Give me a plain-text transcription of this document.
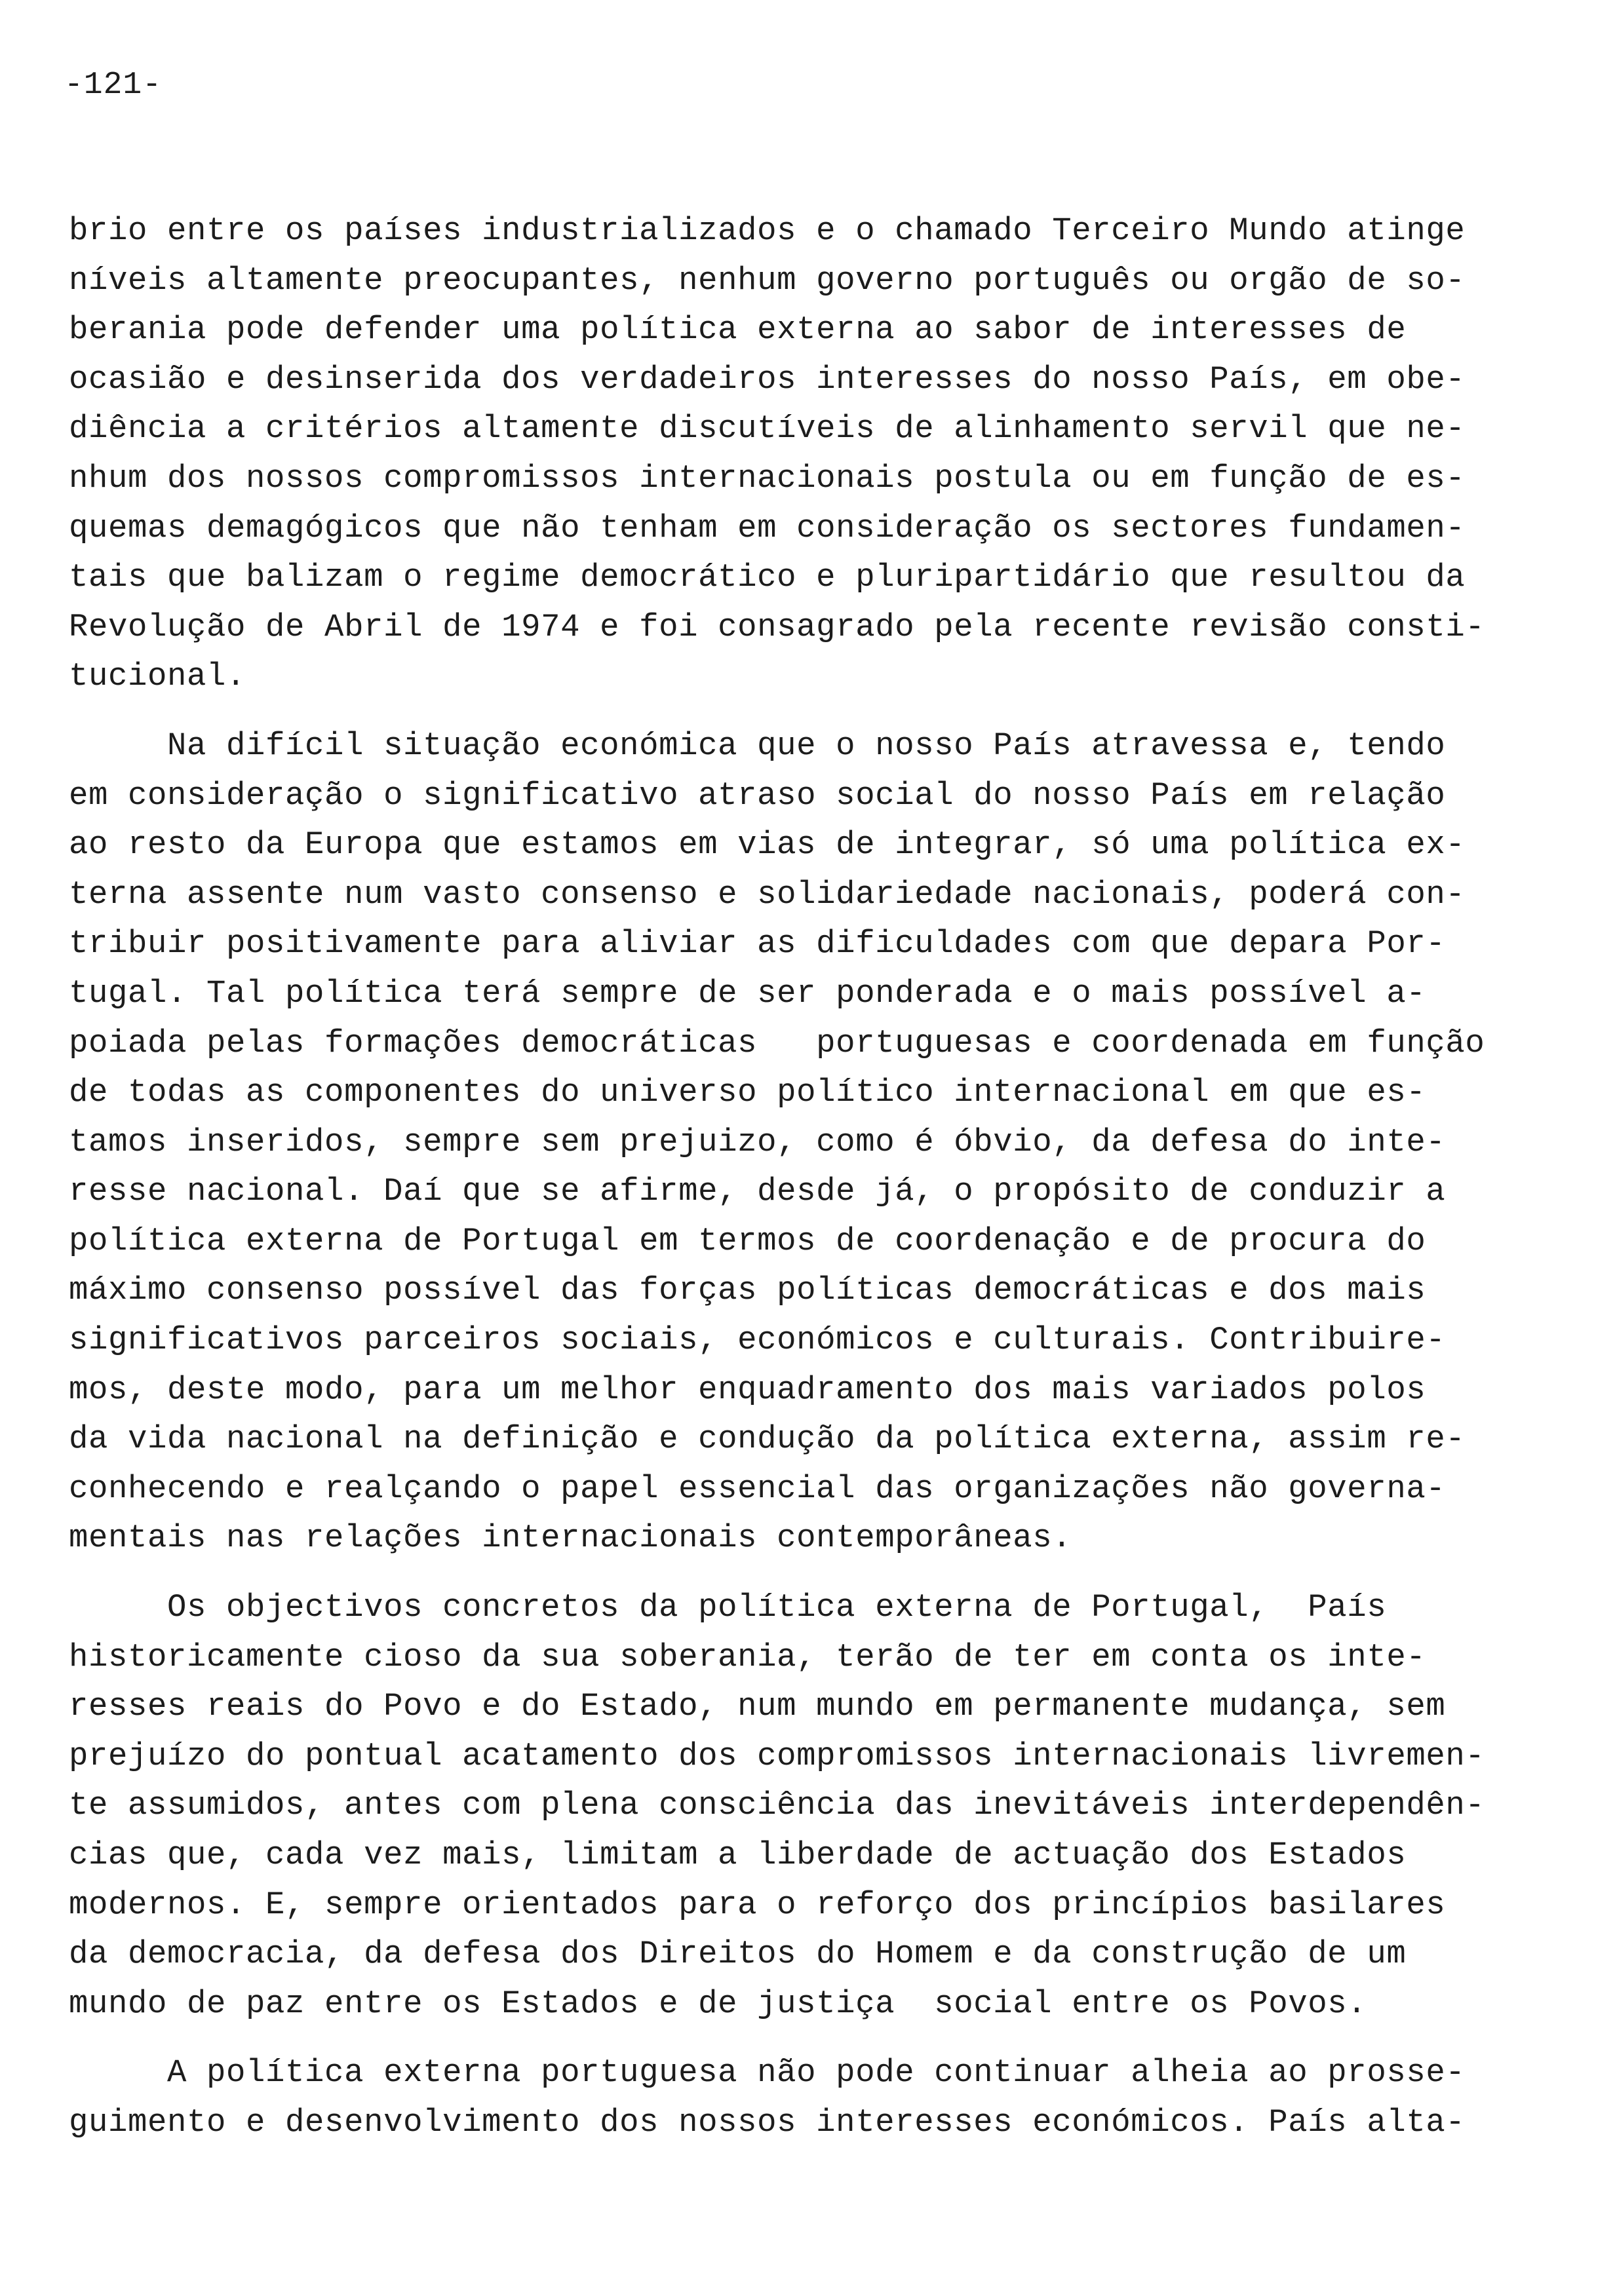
-121-
brio entre os países industrializados e o chamado Terceiro Mundo atinge
níveis altamente preocupantes, nenhum governo português ou orgão de so-
berania pode defender uma política externa ao sabor de interesses de
ocasião e desinserida dos verdadeiros interesses do nosso País, em obe-
diência a critérios altamente discutíveis de alinhamento servil que ne-
nhum dos nossos compromissos internacionais postula ou em função de es-
quemas demagógicos que não tenham em consideração os sectores fundamen-
tais que balizam o regime democrático e pluripartidário que resultou da
Revolução de Abril de 1974 e foi consagrado pela recente revisão consti-
tucional.
Na difícil situação económica que o nosso País atravessa e, tendo
em consideração o significativo atraso social do nosso País em relação
ao resto da Europa que estamos em vias de integrar, só uma política ex-
terna assente num vasto consenso e solidariedade nacionais, poderá con-
tribuir positivamente para aliviar as dificuldades com que depara Por-
tugal. Tal política terá sempre de ser ponderada e o mais possível a-
poiada pelas formações democráticas   portuguesas e coordenada em função
de todas as componentes do universo político internacional em que es-
tamos inseridos, sempre sem prejuizo, como é óbvio, da defesa do inte-
resse nacional. Daí que se afirme, desde já, o propósito de conduzir a
política externa de Portugal em termos de coordenação e de procura do
máximo consenso possível das forças políticas democráticas e dos mais
significativos parceiros sociais, económicos e culturais. Contribuire-
mos, deste modo, para um melhor enquadramento dos mais variados polos
da vida nacional na definição e condução da política externa, assim re-
conhecendo e realçando o papel essencial das organizações não governa-
mentais nas relações internacionais contemporâneas.
Os objectivos concretos da política externa de Portugal,  País
historicamente cioso da sua soberania, terão de ter em conta os inte-
resses reais do Povo e do Estado, num mundo em permanente mudança, sem
prejuízo do pontual acatamento dos compromissos internacionais livremen-
te assumidos, antes com plena consciência das inevitáveis interdependên-
cias que, cada vez mais, limitam a liberdade de actuação dos Estados
modernos. E, sempre orientados para o reforço dos princípios basilares
da democracia, da defesa dos Direitos do Homem e da construção de um
mundo de paz entre os Estados e de justiça  social entre os Povos.
A política externa portuguesa não pode continuar alheia ao prosse-
guimento e desenvolvimento dos nossos interesses económicos. País alta-
